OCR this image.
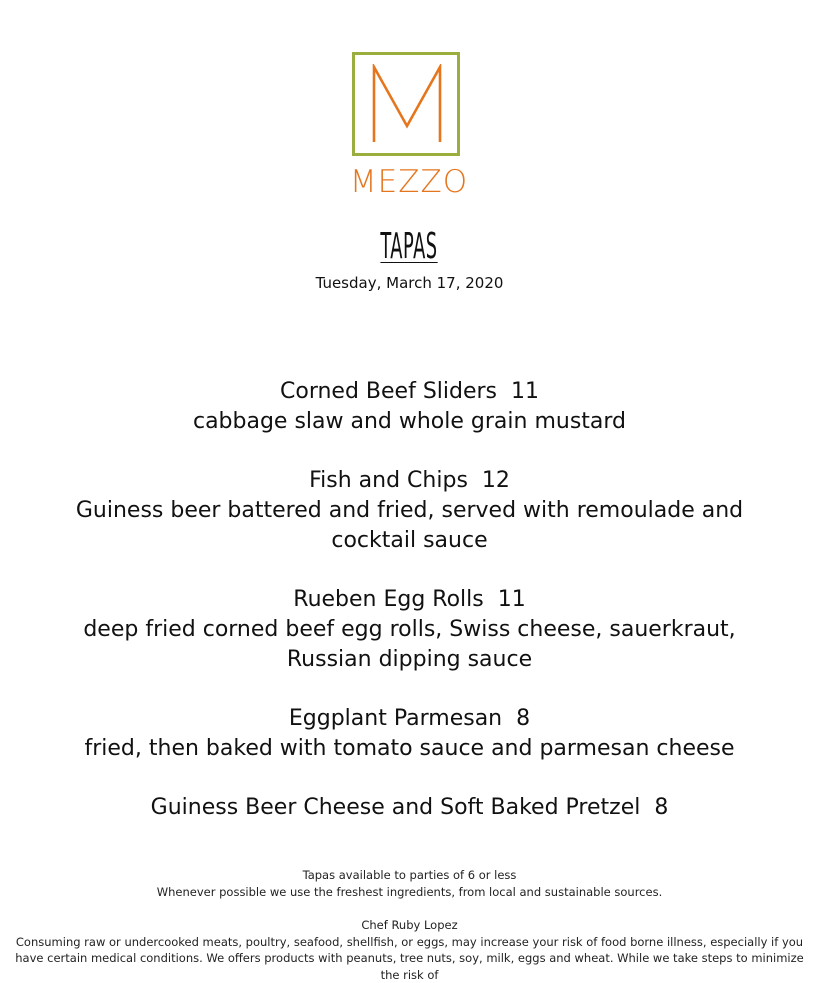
MEZZO
TAPAS
Tuesday, March 17, 2020
Corned Beef Sliders  11
cabbage slaw and whole grain mustard
Fish and Chips  12
Guiness beer battered and fried, served with remoulade and cocktail sauce
Rueben Egg Rolls  11
deep fried corned beef egg rolls, Swiss cheese, sauerkraut, Russian dipping sauce
Eggplant Parmesan  8
fried, then baked with tomato sauce and parmesan cheese
Guiness Beer Cheese and Soft Baked Pretzel  8
Tapas available to parties of 6 or less
Whenever possible we use the freshest ingredients, from local and sustainable sources.
Chef Ruby Lopez
Consuming raw or undercooked meats, poultry, seafood, shellfish, or eggs, may increase your risk of food borne illness, especially if you have certain medical conditions. We offers products with peanuts, tree nuts, soy, milk, eggs and wheat. While we take steps to minimize the risk of
